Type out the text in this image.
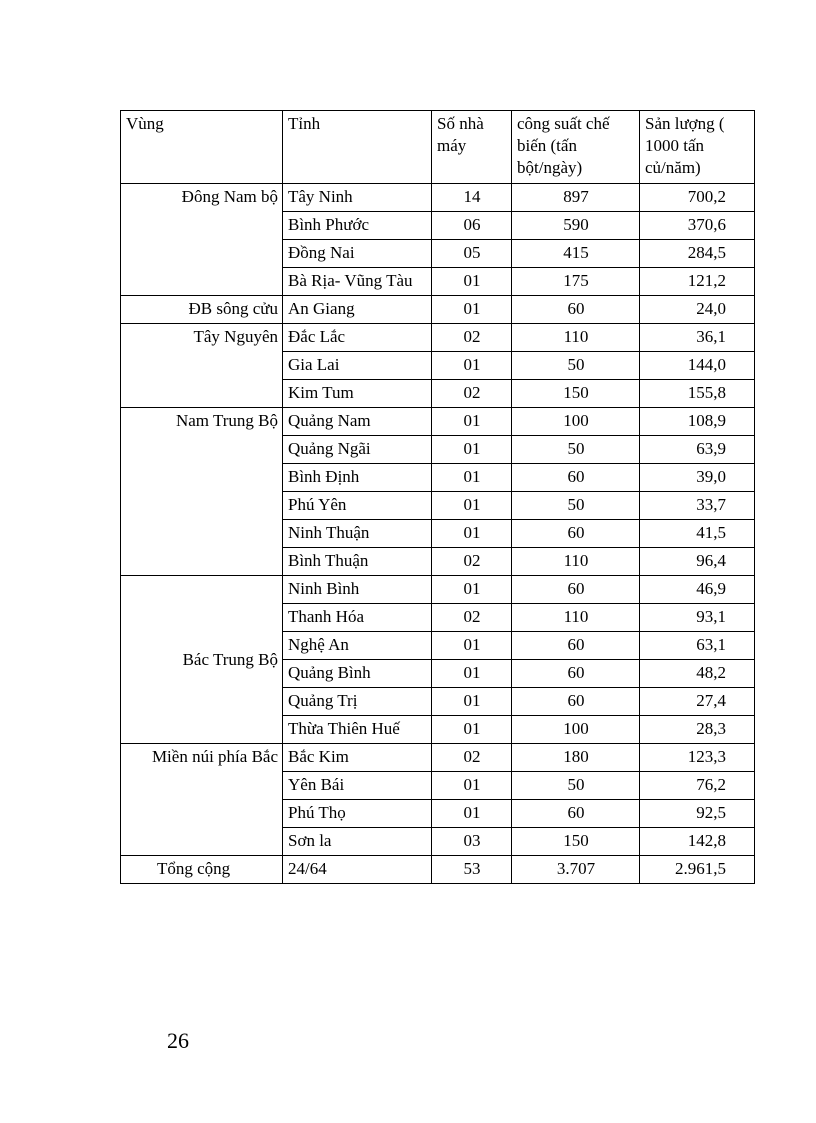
Vùng	Tỉnh	Số nhà máy	công suất chế biến (tấn bột/ngày)	Sản lượng ( 1000 tấn củ/năm)
Đông Nam bộ	Tây Ninh	14	897	700,2
	Bình Phước	06	590	370,6
	Đồng Nai	05	415	284,5
	Bà Rịa- Vũng Tàu	01	175	121,2
ĐB sông cửu	An Giang	01	60	24,0
Tây Nguyên	Đắc Lắc	02	110	36,1
	Gia Lai	01	50	144,0
	Kim Tum	02	150	155,8
Nam Trung Bộ	Quảng Nam	01	100	108,9
	Quảng Ngãi	01	50	63,9
	Bình Định	01	60	39,0
	Phú Yên	01	50	33,7
	Ninh Thuận	01	60	41,5
	Bình Thuận	02	110	96,4
Bác Trung Bộ	Ninh Bình	01	60	46,9
	Thanh Hóa	02	110	93,1
	Nghệ An	01	60	63,1
	Quảng Bình	01	60	48,2
	Quảng Trị	01	60	27,4
	Thừa Thiên Huế	01	100	28,3
Miền núi phía Bắc	Bắc Kim	02	180	123,3
	Yên Bái	01	50	76,2
	Phú Thọ	01	60	92,5
	Sơn la	03	150	142,8
Tổng cộng	24/64	53	3.707	2.961,5
26
